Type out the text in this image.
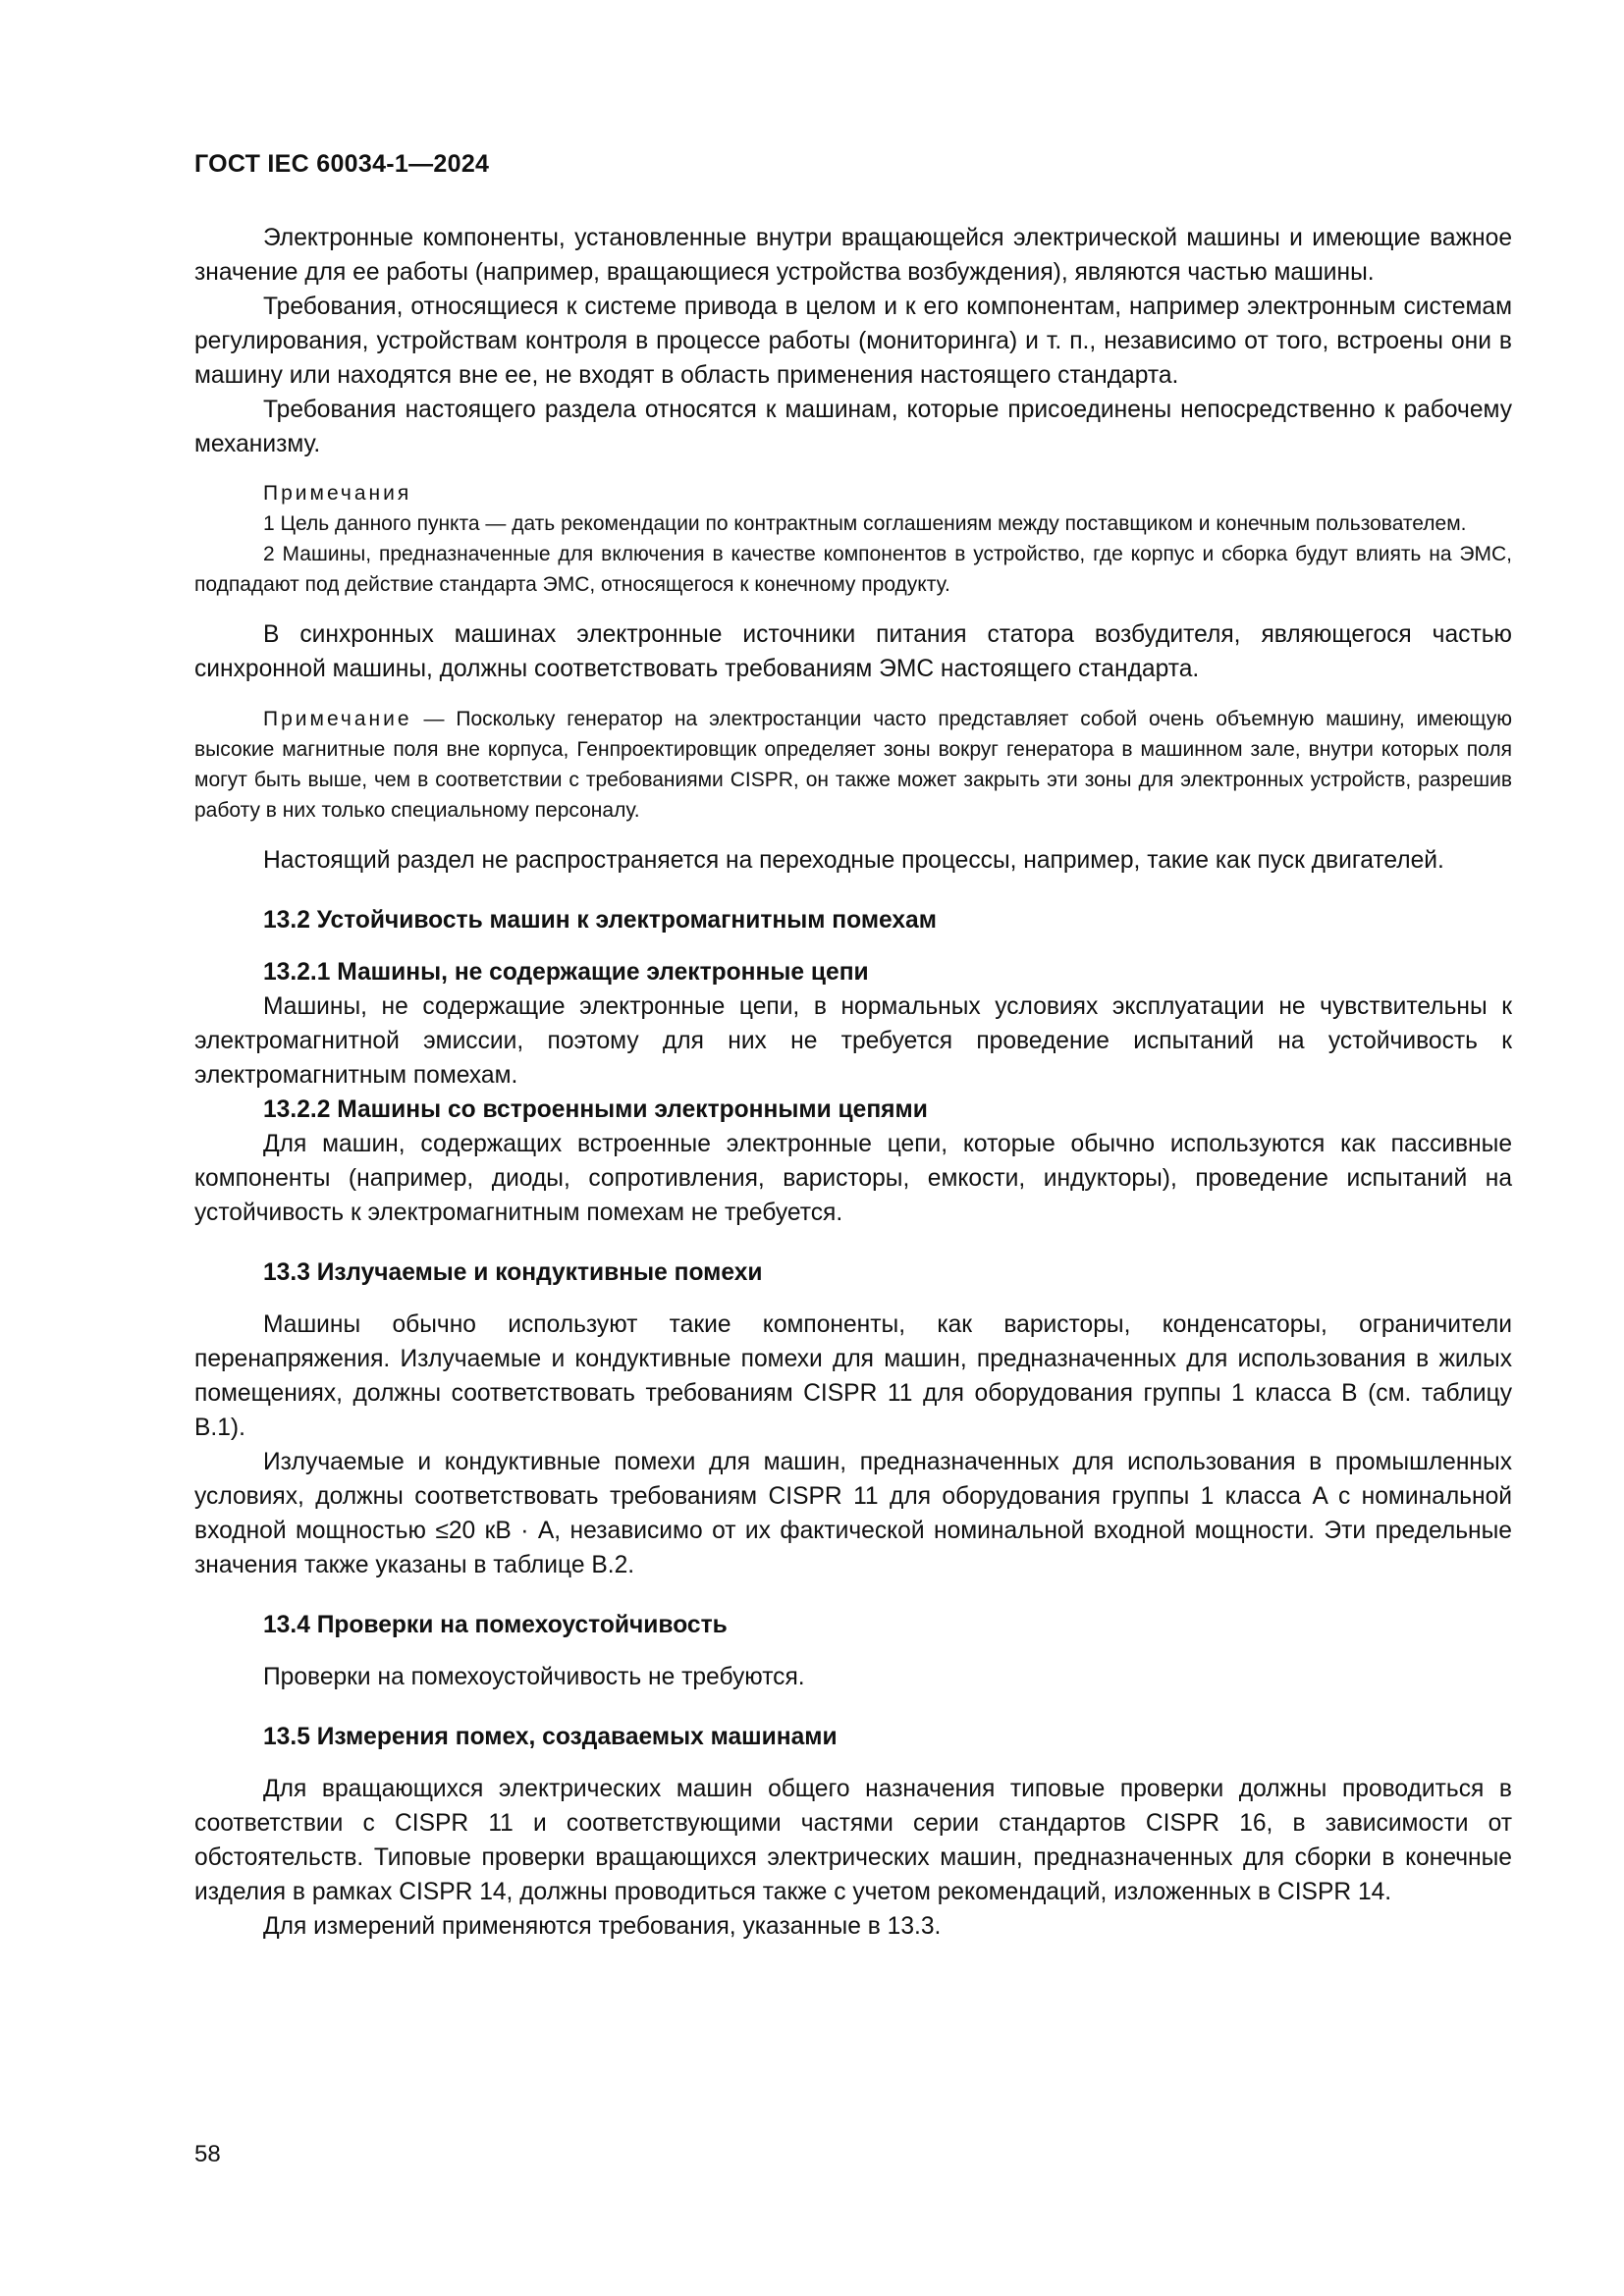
ГОСТ IEC 60034-1—2024

Электронные компоненты, установленные внутри вращающейся электрической машины и имеющие важное значение для ее работы (например, вращающиеся устройства возбуждения), являются частью машины.

Требования, относящиеся к системе привода в целом и к его компонентам, например электронным системам регулирования, устройствам контроля в процессе работы (мониторинга) и т. п., независимо от того, встроены они в машину или находятся вне ее, не входят в область применения настоящего стандарта.

Требования настоящего раздела относятся к машинам, которые присоединены непосредственно к рабочему механизму.

Примечания

1 Цель данного пункта — дать рекомендации по контрактным соглашениям между поставщиком и конечным пользователем.

2 Машины, предназначенные для включения в качестве компонентов в устройство, где корпус и сборка будут влиять на ЭМС, подпадают под действие стандарта ЭМС, относящегося к конечному продукту.

В синхронных машинах электронные источники питания статора возбудителя, являющегося частью синхронной машины, должны соответствовать требованиям ЭМС настоящего стандарта.

Примечание — Поскольку генератор на электростанции часто представляет собой очень объемную машину, имеющую высокие магнитные поля вне корпуса, Генпроектировщик определяет зоны вокруг генератора в машинном зале, внутри которых поля могут быть выше, чем в соответствии с требованиями CISPR, он также может закрыть эти зоны для электронных устройств, разрешив работу в них только специальному персоналу.

Настоящий раздел не распространяется на переходные процессы, например, такие как пуск двигателей.

13.2 Устойчивость машин к электромагнитным помехам

13.2.1 Машины, не содержащие электронные цепи

Машины, не содержащие электронные цепи, в нормальных условиях эксплуатации не чувствительны к электромагнитной эмиссии, поэтому для них не требуется проведение испытаний на устойчивость к электромагнитным помехам.

13.2.2 Машины со встроенными электронными цепями

Для машин, содержащих встроенные электронные цепи, которые обычно используются как пассивные компоненты (например, диоды, сопротивления, варисторы, емкости, индукторы), проведение испытаний на устойчивость к электромагнитным помехам не требуется.

13.3 Излучаемые и кондуктивные помехи

Машины обычно используют такие компоненты, как варисторы, конденсаторы, ограничители перенапряжения. Излучаемые и кондуктивные помехи для машин, предназначенных для использования в жилых помещениях, должны соответствовать требованиям CISPR 11 для оборудования группы 1 класса B (см. таблицу B.1).

Излучаемые и кондуктивные помехи для машин, предназначенных для использования в промышленных условиях, должны соответствовать требованиям CISPR 11 для оборудования группы 1 класса A с номинальной входной мощностью ≤20 кВ · А, независимо от их фактической номинальной входной мощности. Эти предельные значения также указаны в таблице B.2.

13.4 Проверки на помехоустойчивость

Проверки на помехоустойчивость не требуются.

13.5 Измерения помех, создаваемых машинами

Для вращающихся электрических машин общего назначения типовые проверки должны проводиться в соответствии с CISPR 11 и соответствующими частями серии стандартов CISPR 16, в зависимости от обстоятельств. Типовые проверки вращающихся электрических машин, предназначенных для сборки в конечные изделия в рамках CISPR 14, должны проводиться также с учетом рекомендаций, изложенных в CISPR 14.

Для измерений применяются требования, указанные в 13.3.

58
